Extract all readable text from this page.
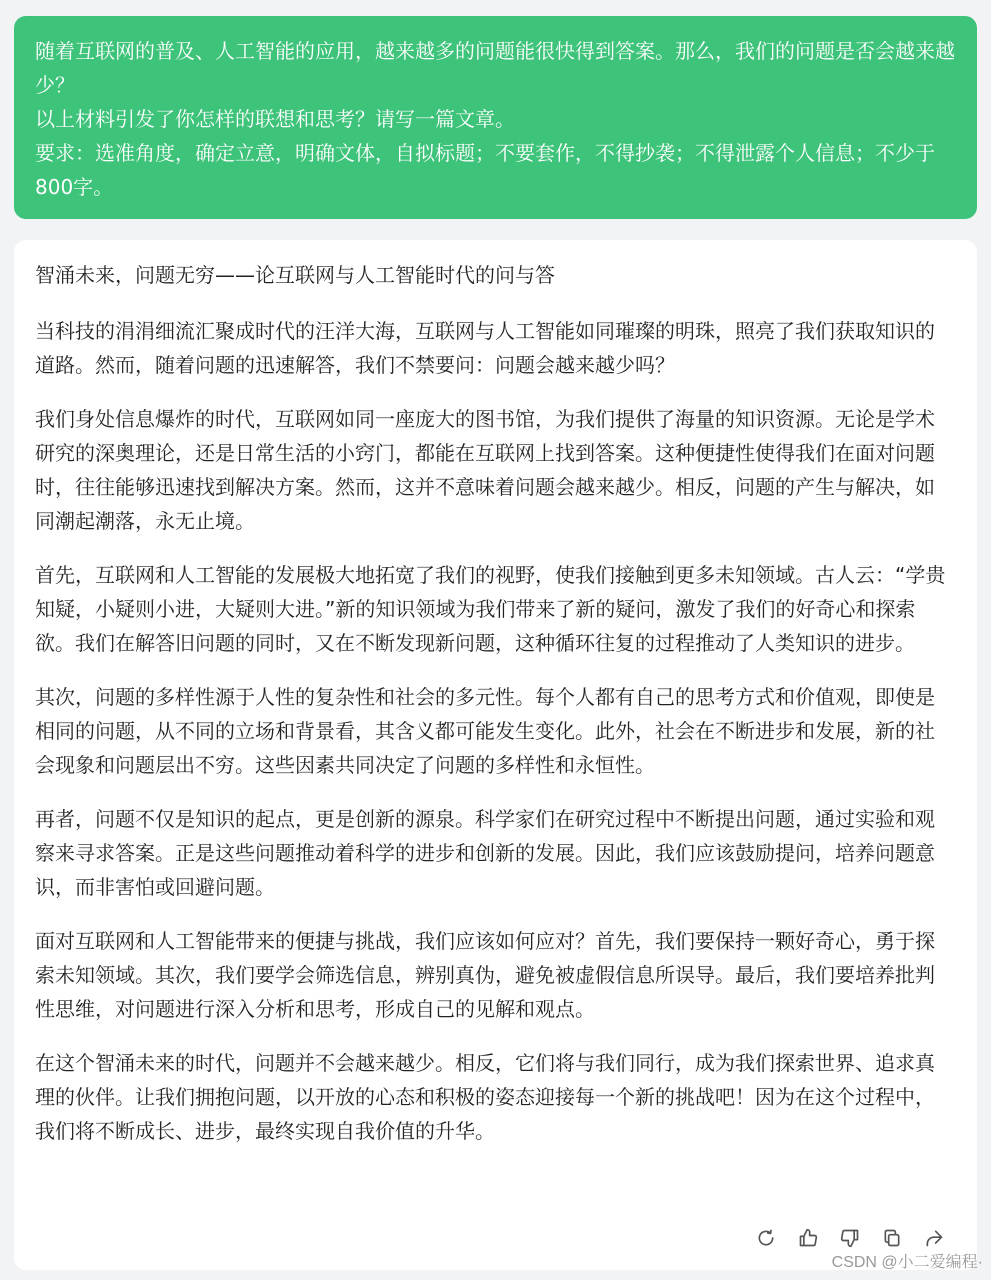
随着互联网的普及、人工智能的应用，越来越多的问题能很快得到答案。那么，我们的问题是否会越来越少？

以上材料引发了你怎样的联想和思考？请写一篇文章。

要求：选准角度，确定立意，明确文体，自拟标题；不要套作，不得抄袭；不得泄露个人信息；不少于800字。

智涌未来，问题无穷——论互联网与人工智能时代的问与答

当科技的涓涓细流汇聚成时代的汪洋大海，互联网与人工智能如同璀璨的明珠，照亮了我们获取知识的道路。然而，随着问题的迅速解答，我们不禁要问：问题会越来越少吗？

我们身处信息爆炸的时代，互联网如同一座庞大的图书馆，为我们提供了海量的知识资源。无论是学术研究的深奥理论，还是日常生活的小窍门，都能在互联网上找到答案。这种便捷性使得我们在面对问题时，往往能够迅速找到解决方案。然而，这并不意味着问题会越来越少。相反，问题的产生与解决，如同潮起潮落，永无止境。

首先，互联网和人工智能的发展极大地拓宽了我们的视野，使我们接触到更多未知领域。古人云：“学贵知疑，小疑则小进，大疑则大进。”新的知识领域为我们带来了新的疑问，激发了我们的好奇心和探索欲。我们在解答旧问题的同时，又在不断发现新问题，这种循环往复的过程推动了人类知识的进步。

其次，问题的多样性源于人性的复杂性和社会的多元性。每个人都有自己的思考方式和价值观，即使是相同的问题，从不同的立场和背景看，其含义都可能发生变化。此外，社会在不断进步和发展，新的社会现象和问题层出不穷。这些因素共同决定了问题的多样性和永恒性。

再者，问题不仅是知识的起点，更是创新的源泉。科学家们在研究过程中不断提出问题，通过实验和观察来寻求答案。正是这些问题推动着科学的进步和创新的发展。因此，我们应该鼓励提问，培养问题意识，而非害怕或回避问题。

面对互联网和人工智能带来的便捷与挑战，我们应该如何应对？首先，我们要保持一颗好奇心，勇于探索未知领域。其次，我们要学会筛选信息，辨别真伪，避免被虚假信息所误导。最后，我们要培养批判性思维，对问题进行深入分析和思考，形成自己的见解和观点。

在这个智涌未来的时代，问题并不会越来越少。相反，它们将与我们同行，成为我们探索世界、追求真理的伙伴。让我们拥抱问题，以开放的心态和积极的姿态迎接每一个新的挑战吧！因为在这个过程中，我们将不断成长、进步，最终实现自我价值的升华。

CSDN @小二爱编程·
